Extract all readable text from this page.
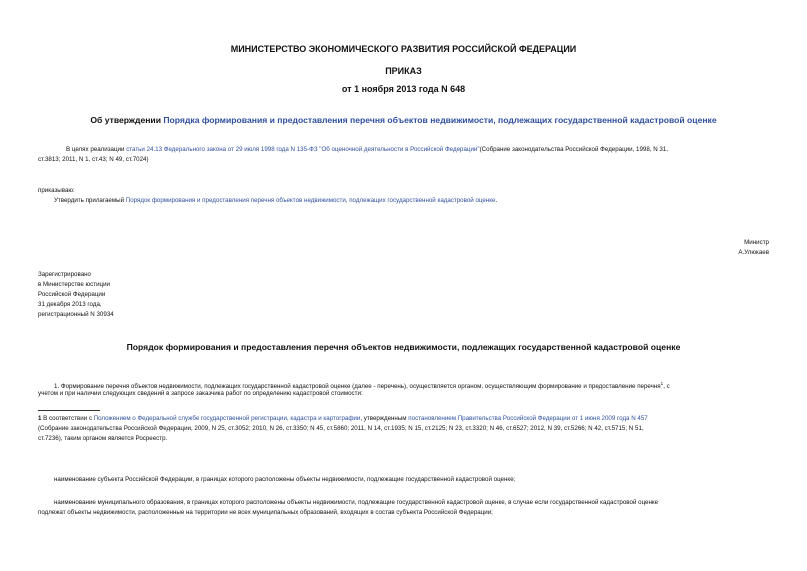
МИНИСТЕРСТВО ЭКОНОМИЧЕСКОГО РАЗВИТИЯ РОССИЙСКОЙ ФЕДЕРАЦИИ
ПРИКАЗ
от 1 ноября 2013 года N 648
Об утверждении Порядка формирования и предоставления перечня объектов недвижимости, подлежащих государственной кадастровой оценке
В целях реализации статьи 24.13 Федерального закона от 29 июля 1998 года N 135-ФЗ "Об оценочной деятельности в Российской Федерации"(Собрание законодательства Российской Федерации, 1998, N 31,
ст.3813; 2011, N 1, ст.43; N 49, ст.7024)
приказываю:
Утвердить прилагаемый Порядок формирования и предоставления перечня объектов недвижимости, подлежащих государственной кадастровой оценке.
Министр
А.Улюкаев
Зарегистрировано
в Министерстве юстиции
Российской Федерации
31 декабря 2013 года,
регистрационный N 30934
Порядок формирования и предоставления перечня объектов недвижимости, подлежащих государственной кадастровой оценке
1. Формирование перечня объектов недвижимости, подлежащих государственной кадастровой оценке (далее - перечень), осуществляется органом, осуществляющим формирование и предоставление перечня$^1$, с
учетом и при наличии следующих сведений в запросе заказчика работ по определению кадастровой стоимости:
1 В соответствии с Положением о Федеральной службе государственной регистрации, кадастра и картографии, утвержденным постановлением Правительства Российской Федерации от 1 июня 2009 года N 457
(Собрание законодательства Российской Федерации, 2009, N 25, ст.3052; 2010, N 26, ст.3350; N 45, ст.5860; 2011, N 14, ст.1935; N 15, ст.2125; N 23, ст.3320; N 46, ст.6527; 2012, N 39, ст.5266; N 42, ст.5715; N 51,
ст.7236), таким органом является Росреестр.
наименование субъекта Российской Федерации, в границах которого расположены объекты недвижимости, подлежащие государственной кадастровой оценке;
наименование муниципального образования, в границах которого расположены объекты недвижимости, подлежащие государственной кадастровой оценке, в случае если государственной кадастровой оценке
подлежат объекты недвижимости, расположенные на территории не всех муниципальных образований, входящих в состав субъекта Российской Федерации;
